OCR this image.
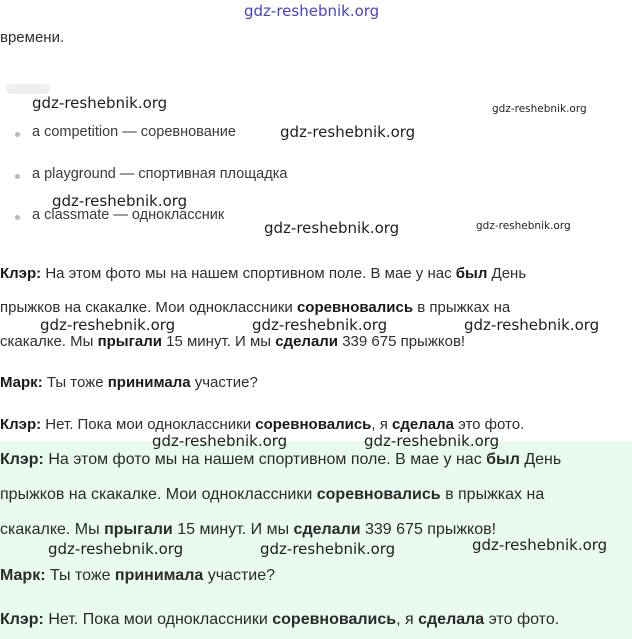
gdz-reshebnik.org
времени.
a competition — соревнование
a playground — спортивная площадка
a classmate — одноклассник
Клэр: На этом фото мы на нашем спортивном поле. В мае у нас был День
прыжков на скакалке. Мои одноклассники соревновались в прыжках на
скакалке. Мы прыгали 15 минут. И мы сделали 339 675 прыжков!
Марк: Ты тоже принимала участие?
Клэр: Нет. Пока мои одноклассники соревновались, я сделала это фото.
Клэр: На этом фото мы на нашем спортивном поле. В мае у нас был День
прыжков на скакалке. Мои одноклассники соревновались в прыжках на
скакалке. Мы прыгали 15 минут. И мы сделали 339 675 прыжков!
Марк: Ты тоже принимала участие?
Клэр: Нет. Пока мои одноклассники соревновались, я сделала это фото.
gdz-reshebnik.org	gdz-reshebnik.org
gdz-reshebnik.org
gdz-reshebnik.org
gdz-reshebnik.org	gdz-reshebnik.org
gdz-reshebnik.org	gdz-reshebnik.org	gdz-reshebnik.org
gdz-reshebnik.org	gdz-reshebnik.org
gdz-reshebnik.org	gdz-reshebnik.org	gdz-reshebnik.org
